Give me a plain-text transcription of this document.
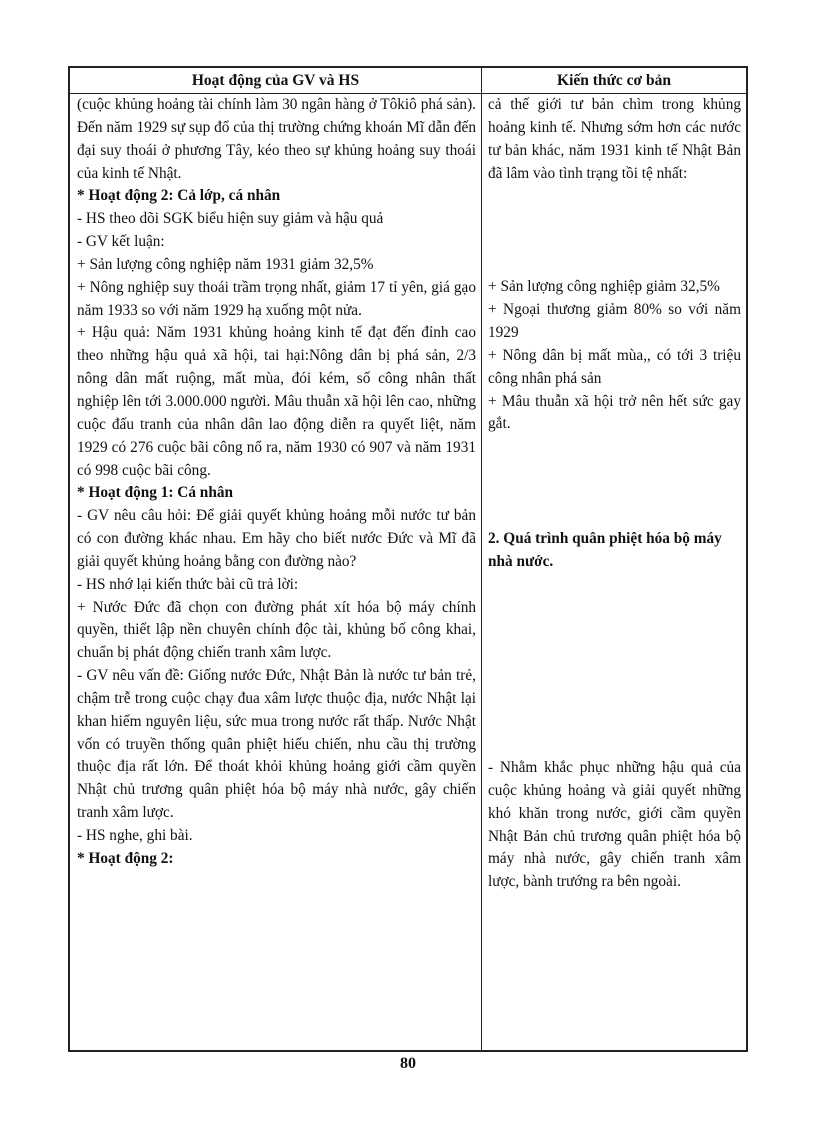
Hoạt động của GV và HS	Kiến thức cơ bản

(cuộc khủng hoảng tài chính làm 30 ngân hàng ở Tôkiô phá sản). Đến năm 1929 sự sụp đổ của thị trường chứng khoán Mĩ dẫn đến đại suy thoái ở phương Tây, kéo theo sự khủng hoảng suy thoái của kinh tế Nhật.

* Hoạt động 2: Cả lớp, cá nhân

- HS theo dõi SGK biểu hiện suy giảm và hậu quả

- GV kết luận:

+ Sản lượng công nghiệp năm 1931 giảm 32,5%

+ Nông nghiệp suy thoái trầm trọng nhất, giảm 17 tỉ yên, giá gạo năm 1933 so với năm 1929 hạ xuống một nửa.

+ Hậu quả: Năm 1931 khủng hoảng kinh tế đạt đến đỉnh cao theo những hậu quả xã hội, tai hại:Nông dân bị phá sản, 2/3 nông dân mất ruộng, mất mùa, đói kém, số công nhân thất nghiệp lên tới 3.000.000 người. Mâu thuẫn xã hội lên cao, những cuộc đấu tranh của nhân dân lao động diễn ra quyết liệt, năm 1929 có 276 cuộc bãi công nổ ra, năm 1930 có 907 và năm 1931 có 998 cuộc bãi công.

* Hoạt động 1: Cá nhân

- GV nêu câu hỏi: Để giải quyết khủng hoảng mỗi nước tư bản có con đường khác nhau. Em hãy cho biết nước Đức và Mĩ đã giải quyết khủng hoảng bằng con đường nào?

- HS nhớ lại kiến thức bài cũ trả lời:

+ Nước Đức đã chọn con đường phát xít hóa bộ máy chính quyền, thiết lập nền chuyên chính độc tài, khủng bố công khai, chuẩn bị phát động chiến tranh xâm lược.

- GV nêu vấn đề: Giống nước Đức, Nhật Bản là nước tư bản trẻ, chậm trễ trong cuộc chạy đua xâm lược thuộc địa, nước Nhật lại khan hiếm nguyên liệu, sức mua trong nước rất thấp. Nước Nhật vốn có truyền thống quân phiệt hiếu chiến, nhu cầu thị trường thuộc địa rất lớn. Để thoát khỏi khủng hoảng giới cầm quyền Nhật chủ trương quân phiệt hóa bộ máy nhà nước, gây chiến tranh xâm lược.

- HS nghe, ghi bài.

* Hoạt động 2:

cả thế giới tư bản chìm trong khủng hoảng kinh tế. Nhưng sớm hơn các nước tư bản khác, năm 1931 kinh tế Nhật Bản đã lâm vào tình trạng tồi tệ nhất:

+ Sản lượng công nghiệp giảm 32,5%

+ Ngoại thương giảm 80% so với năm 1929

+ Nông dân bị mất mùa,, có tới 3 triệu công nhân phá sản

+ Mâu thuẫn xã hội trở nên hết sức gay gắt.

2. Quá trình quân phiệt hóa bộ máy nhà nước.

- Nhằm khắc phục những hậu quả của cuộc khủng hoảng và giải quyết những khó khăn trong nước, giới cầm quyền Nhật Bản chủ trương quân phiệt hóa bộ máy nhà nước, gây chiến tranh xâm lược, bành trướng ra bên ngoài.

80
